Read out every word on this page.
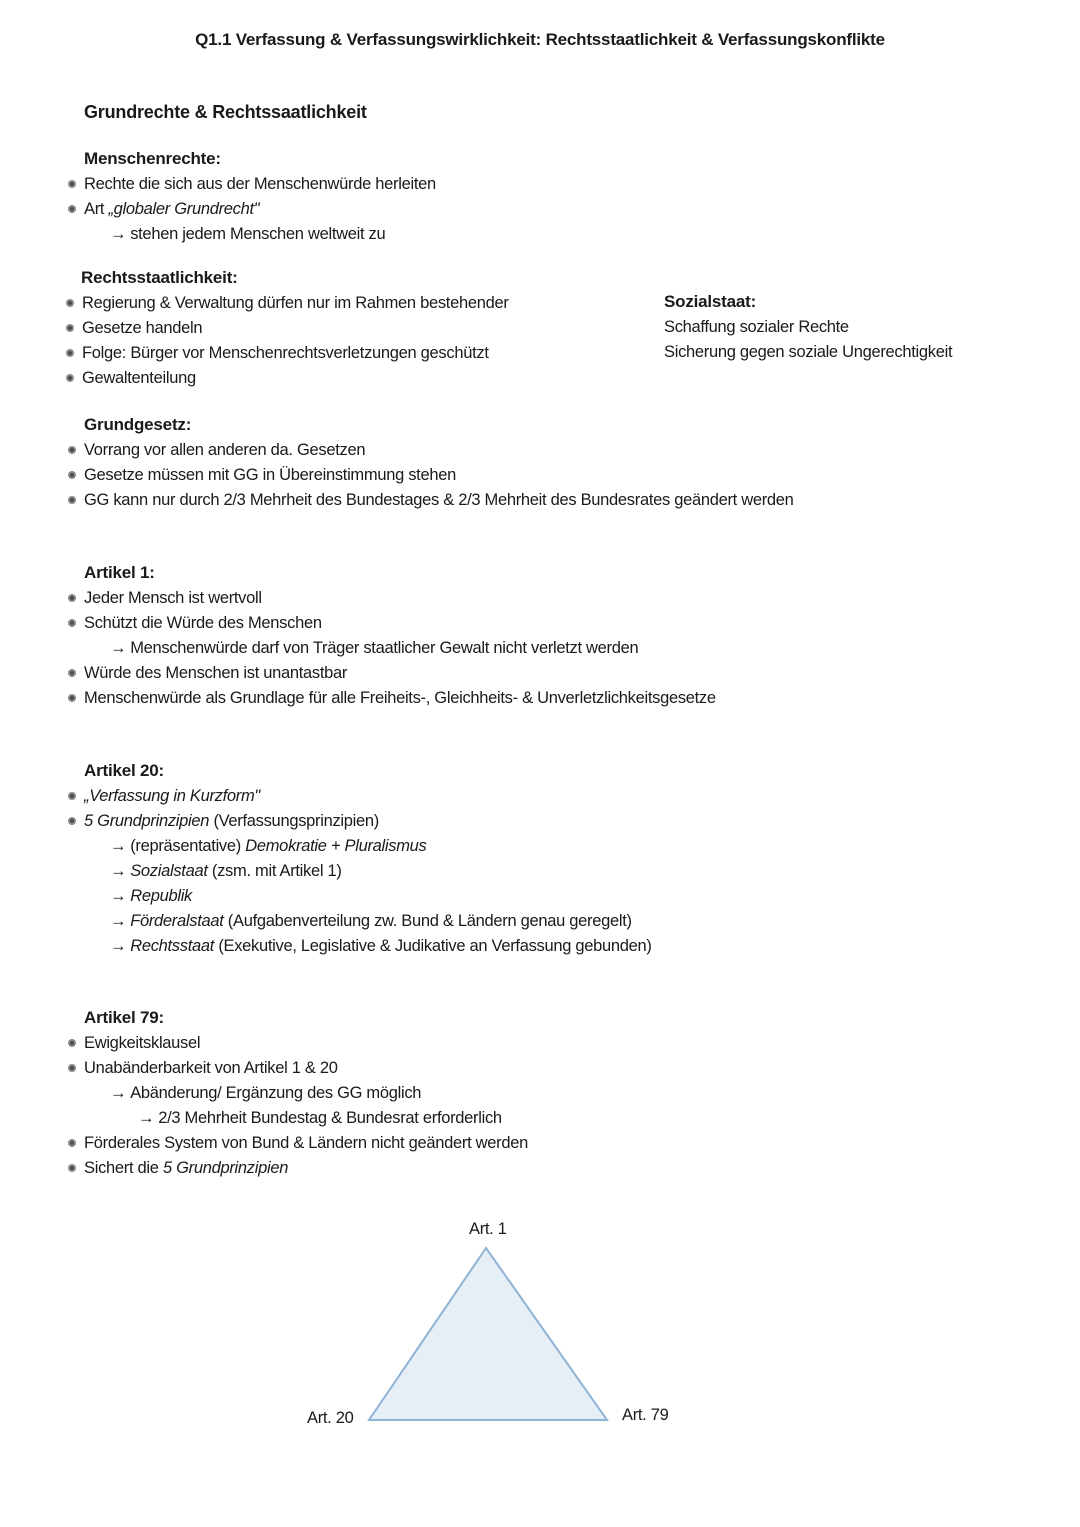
Q1.1 Verfassung & Verfassungswirklichkeit: Rechtsstaatlichkeit & Verfassungskonflikte
Grundrechte & Rechtssaatlichkeit
Menschenrechte:
Rechte die sich aus der Menschenwürde herleiten
Art „globaler Grundrecht"
→ stehen jedem Menschen weltweit zu
Rechtsstaatlichkeit:
Regierung & Verwaltung dürfen nur im Rahmen bestehender
Gesetze handeln
Folge: Bürger vor Menschenrechtsverletzungen geschützt
Gewaltenteilung
Sozialstaat:
Schaffung sozialer Rechte
Sicherung gegen soziale Ungerechtigkeit
Grundgesetz:
Vorrang vor allen anderen da. Gesetzen
Gesetze müssen mit GG in Übereinstimmung stehen
GG kann nur durch 2/3 Mehrheit des Bundestages & 2/3 Mehrheit des Bundesrates geändert werden
Artikel 1:
Jeder Mensch ist wertvoll
Schützt die Würde des Menschen
→ Menschenwürde darf von Träger staatlicher Gewalt nicht verletzt werden
Würde des Menschen ist unantastbar
Menschenwürde als Grundlage für alle Freiheits-, Gleichheits- & Unverletzlichkeitsgesetze
Artikel 20:
„Verfassung in Kurzform"
5 Grundprinzipien (Verfassungsprinzipien)
→ (repräsentative) Demokratie + Pluralismus
→ Sozialstaat (zsm. mit Artikel 1)
→ Republik
→ Förderalstaat (Aufgabenverteilung zw. Bund & Ländern genau geregelt)
→ Rechtsstaat (Exekutive, Legislative & Judikative an Verfassung gebunden)
Artikel 79:
Ewigkeitsklausel
Unabänderbarkeit von Artikel 1 & 20
→ Abänderung/ Ergänzung des GG möglich
→ 2/3 Mehrheit Bundestag & Bundesrat erforderlich
Förderales System von Bund & Ländern nicht geändert werden
Sichert die 5 Grundprinzipien
Art. 1
Art. 20	Art. 79
